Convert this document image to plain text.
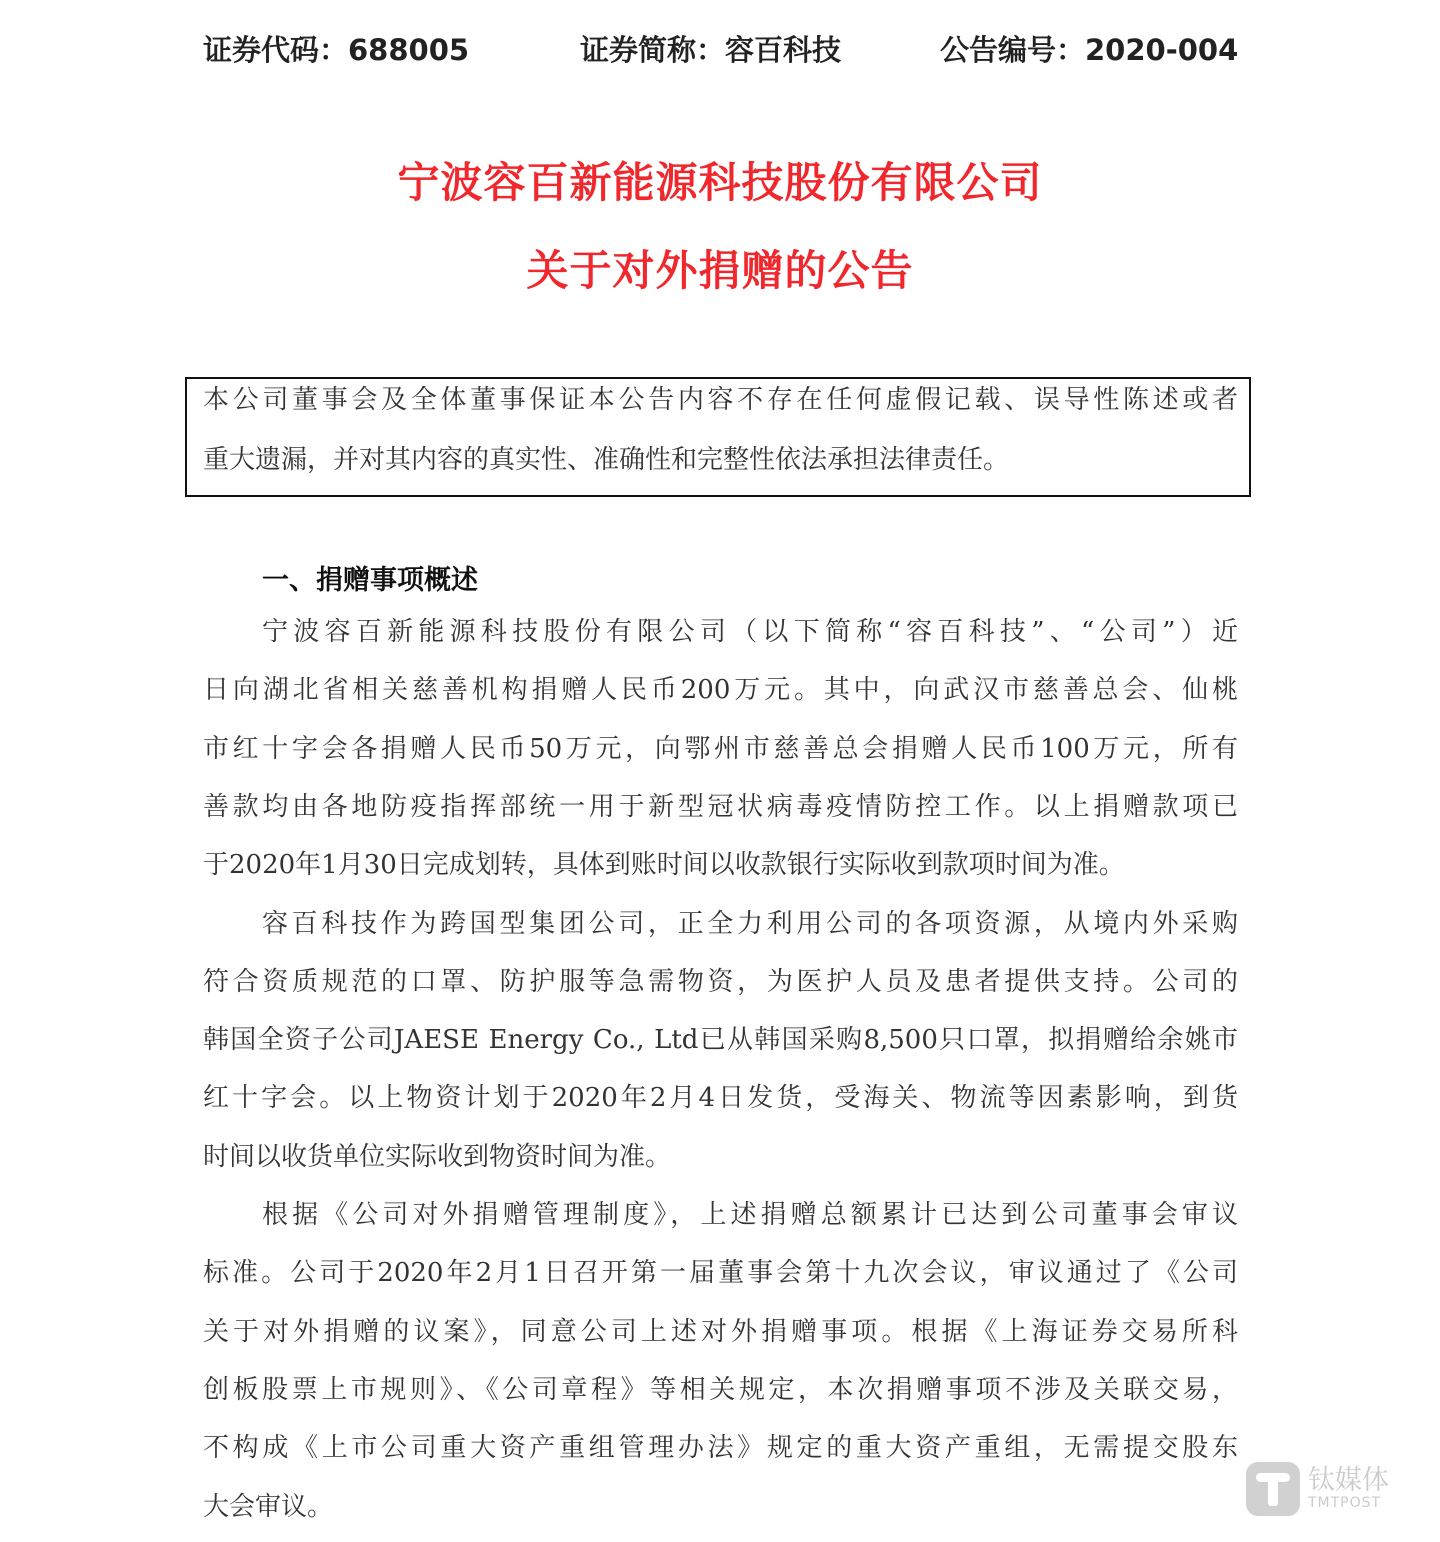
证券代码：688005	证券简称：容百科技	公告编号：2020-004
宁波容百新能源科技股份有限公司
关于对外捐赠的公告
本公司董事会及全体董事保证本公告内容不存在任何虚假记载、误导性陈述或者
重大遗漏，并对其内容的真实性、准确性和完整性依法承担法律责任。
一、捐赠事项概述
宁波容百新能源科技股份有限公司（以下简称“容百科技”、“公司”）近
日向湖北省相关慈善机构捐赠人民币200万元。其中，向武汉市慈善总会、仙桃
市红十字会各捐赠人民币50万元，向鄂州市慈善总会捐赠人民币100万元，所有
善款均由各地防疫指挥部统一用于新型冠状病毒疫情防控工作。以上捐赠款项已
于2020年1月30日完成划转，具体到账时间以收款银行实际收到款项时间为准。
容百科技作为跨国型集团公司，正全力利用公司的各项资源，从境内外采购
符合资质规范的口罩、防护服等急需物资，为医护人员及患者提供支持。公司的
韩国全资子公司JAESE Energy Co., Ltd已从韩国采购8,500只口罩，拟捐赠给余姚市
红十字会。以上物资计划于2020年2月4日发货，受海关、物流等因素影响，到货
时间以收货单位实际收到物资时间为准。
根据《公司对外捐赠管理制度》，上述捐赠总额累计已达到公司董事会审议
标准。公司于2020年2月1日召开第一届董事会第十九次会议，审议通过了《公司
关于对外捐赠的议案》，同意公司上述对外捐赠事项。根据《上海证券交易所科
创板股票上市规则》、《公司章程》等相关规定，本次捐赠事项不涉及关联交易，
不构成《上市公司重大资产重组管理办法》规定的重大资产重组，无需提交股东
大会审议。
钛媒体
TMTPOST
